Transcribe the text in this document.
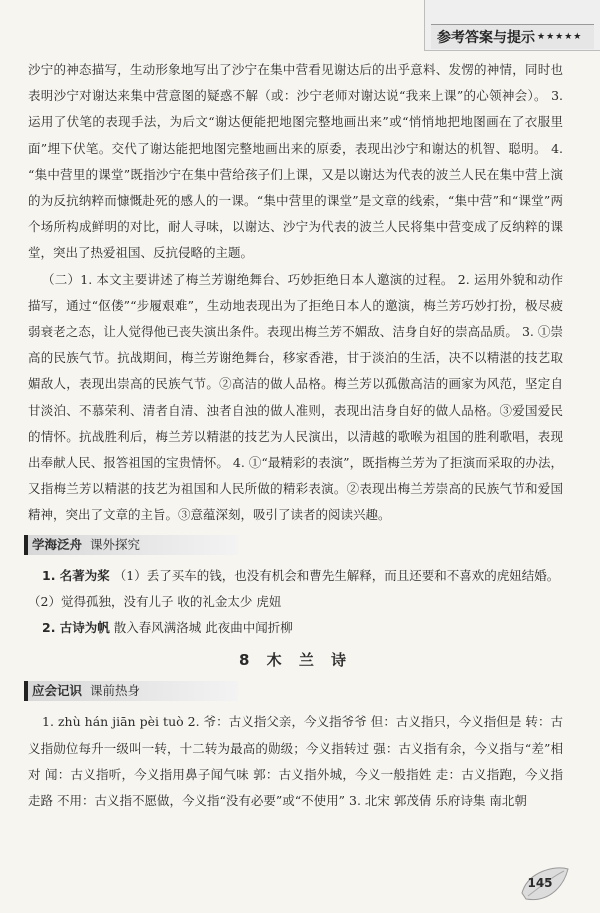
参考答案与提示 ★★★★★

沙宁的神态描写，生动形象地写出了沙宁在集中营看见谢达后的出乎意料、发愣的神情，同时也表明沙宁对谢达来集中营意图的疑惑不解（或：沙宁老师对谢达说“我来上课”的心领神会）。 3. 运用了伏笔的表现手法，为后文“谢达便能把地图完整地画出来”或“悄悄地把地图画在了衣服里面”埋下伏笔。交代了谢达能把地图完整地画出来的原委，表现出沙宁和谢达的机智、聪明。 4. “集中营里的课堂”既指沙宁在集中营给孩子们上课，又是以谢达为代表的波兰人民在集中营上演的为反抗纳粹而慷慨赴死的感人的一课。“集中营里的课堂”是文章的线索，“集中营”和“课堂”两个场所构成鲜明的对比，耐人寻味，以谢达、沙宁为代表的波兰人民将集中营变成了反纳粹的课堂，突出了热爱祖国、反抗侵略的主题。

（二）1. 本文主要讲述了梅兰芳谢绝舞台、巧妙拒绝日本人邀演的过程。 2. 运用外貌和动作描写，通过“伛偻”“步履艰难”，生动地表现出为了拒绝日本人的邀演，梅兰芳巧妙打扮，极尽疲弱衰老之态，让人觉得他已丧失演出条件。表现出梅兰芳不媚敌、洁身自好的崇高品质。 3. ①崇高的民族气节。抗战期间，梅兰芳谢绝舞台，移家香港，甘于淡泊的生活，决不以精湛的技艺取媚敌人，表现出崇高的民族气节。②高洁的做人品格。梅兰芳以孤傲高洁的画家为风范，坚定自甘淡泊、不慕荣利、清者自清、浊者自浊的做人准则，表现出洁身自好的做人品格。③爱国爱民的情怀。抗战胜利后，梅兰芳以精湛的技艺为人民演出，以清越的歌喉为祖国的胜利歌唱，表现出奉献人民、报答祖国的宝贵情怀。 4. ①“最精彩的表演”，既指梅兰芳为了拒演而采取的办法，又指梅兰芳以精湛的技艺为祖国和人民所做的精彩表演。②表现出梅兰芳崇高的民族气节和爱国精神，突出了文章的主旨。③意蕴深刻，吸引了读者的阅读兴趣。

学海泛舟 课外探究

1. 名著为桨 （1）丢了买车的钱，也没有机会和曹先生解释，而且还要和不喜欢的虎妞结婚。

（2）觉得孤独，没有儿子 收的礼金太少 虎妞

2. 古诗为帆 散入春风满洛城 此夜曲中闻折柳

8 木 兰 诗
应会记识 课前热身

1. zhù hán jiān pèi tuò 2. 爷：古义指父亲，今义指爷爷 但：古义指只，今义指但是 转：古义指勋位每升一级叫一转，十二转为最高的勋级；今义指转过 强：古义指有余，今义指与“差”相对 闻：古义指听，今义指用鼻子闻气味 郭：古义指外城，今义一般指姓 走：古义指跑，今义指走路 不用：古义指不愿做，今义指“没有必要”或“不使用” 3. 北宋 郭茂倩 乐府诗集 南北朝

145
